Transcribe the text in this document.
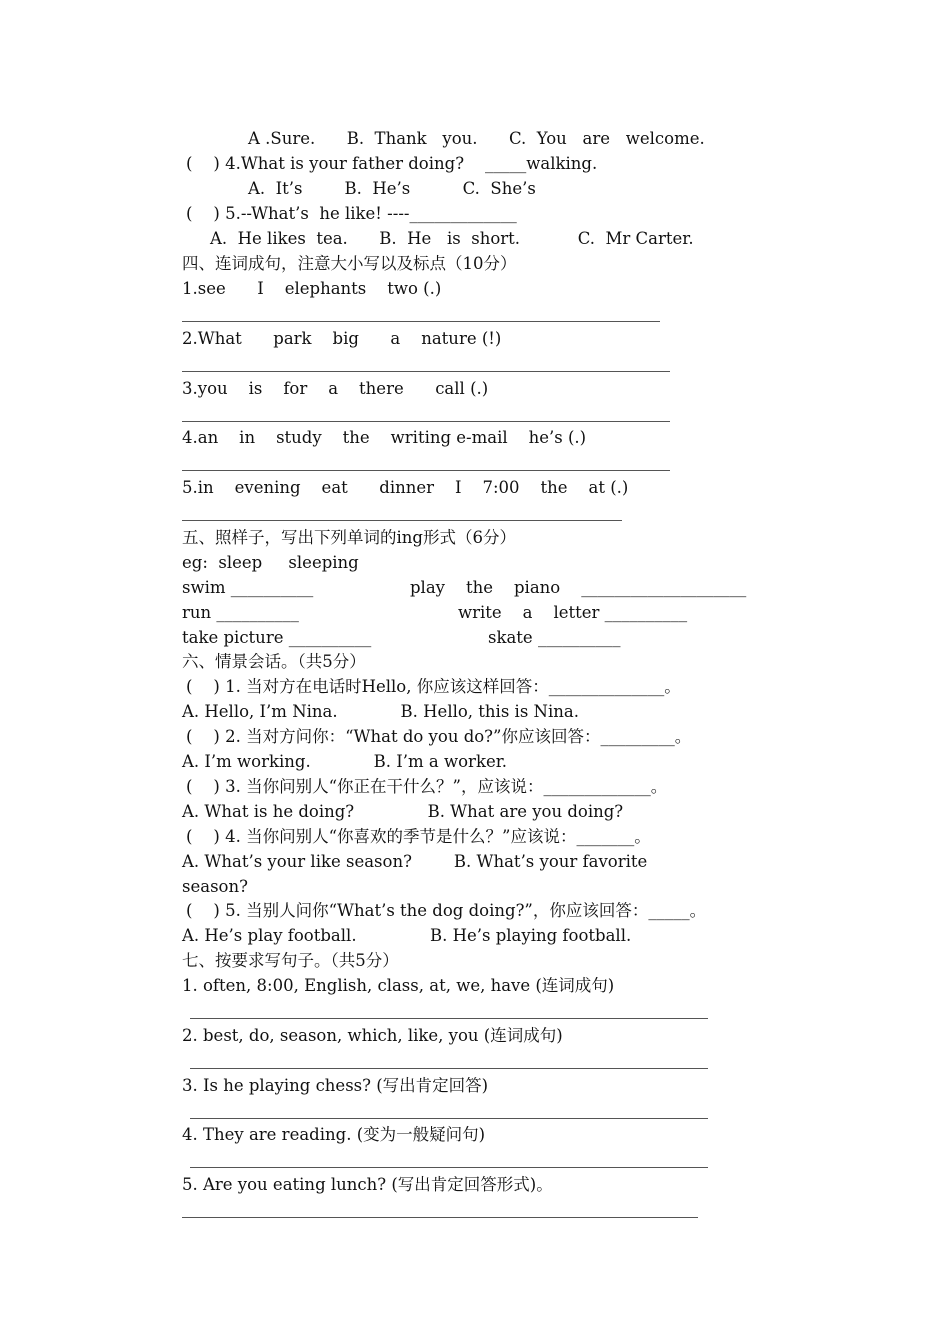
A .Sure.      B.  Thank   you.      C.  You   are   welcome.
(    ) 4.What is your father doing?    _____walking.
A.  It’s        B.  He’s          C.  She’s
(    ) 5.--What’s  he like! ----_____________
A.  He likes  tea.      B.  He   is  short.           C.  Mr Carter.
四、连词成句，注意大小写以及标点（10分）
1.see      I    elephants    two (.)
2.What      park    big      a    nature (!)
3.you    is    for    a    there      call (.)
4.an    in    study    the    writing e-mail    he’s (.)
5.in    evening    eat      dinner    I    7:00    the    at (.)
五、照样子，写出下列单词的ing形式（6分）
eg:  sleep     sleeping
swim __________	play    the    piano    ____________________
run __________	write    a    letter __________
take picture __________	skate __________
六、情景会话。（共5分）
(    ) 1. 当对方在电话时Hello, 你应该这样回答：______________。
A. Hello, I’m Nina.            B. Hello, this is Nina.
(    ) 2. 当对方问你：“What do you do?”你应该回答：_________。
A. I’m working.            B. I’m a worker.
(    ) 3. 当你问别人“你正在干什么？”，应该说：_____________。
A. What is he doing?              B. What are you doing?
(    ) 4. 当你问别人“你喜欢的季节是什么？”应该说：_______。
A. What’s your like season?        B. What’s your favorite
season?
(    ) 5. 当别人问你“What’s the dog doing?”，你应该回答：_____。
A. He’s play football.              B. He’s playing football.
七、按要求写句子。（共5分）
1. often, 8:00, English, class, at, we, have (连词成句)
2. best, do, season, which, like, you (连词成句)
3. Is he playing chess? (写出肯定回答)
4. They are reading. (变为一般疑问句)
5. Are you eating lunch? (写出肯定回答形式)。
